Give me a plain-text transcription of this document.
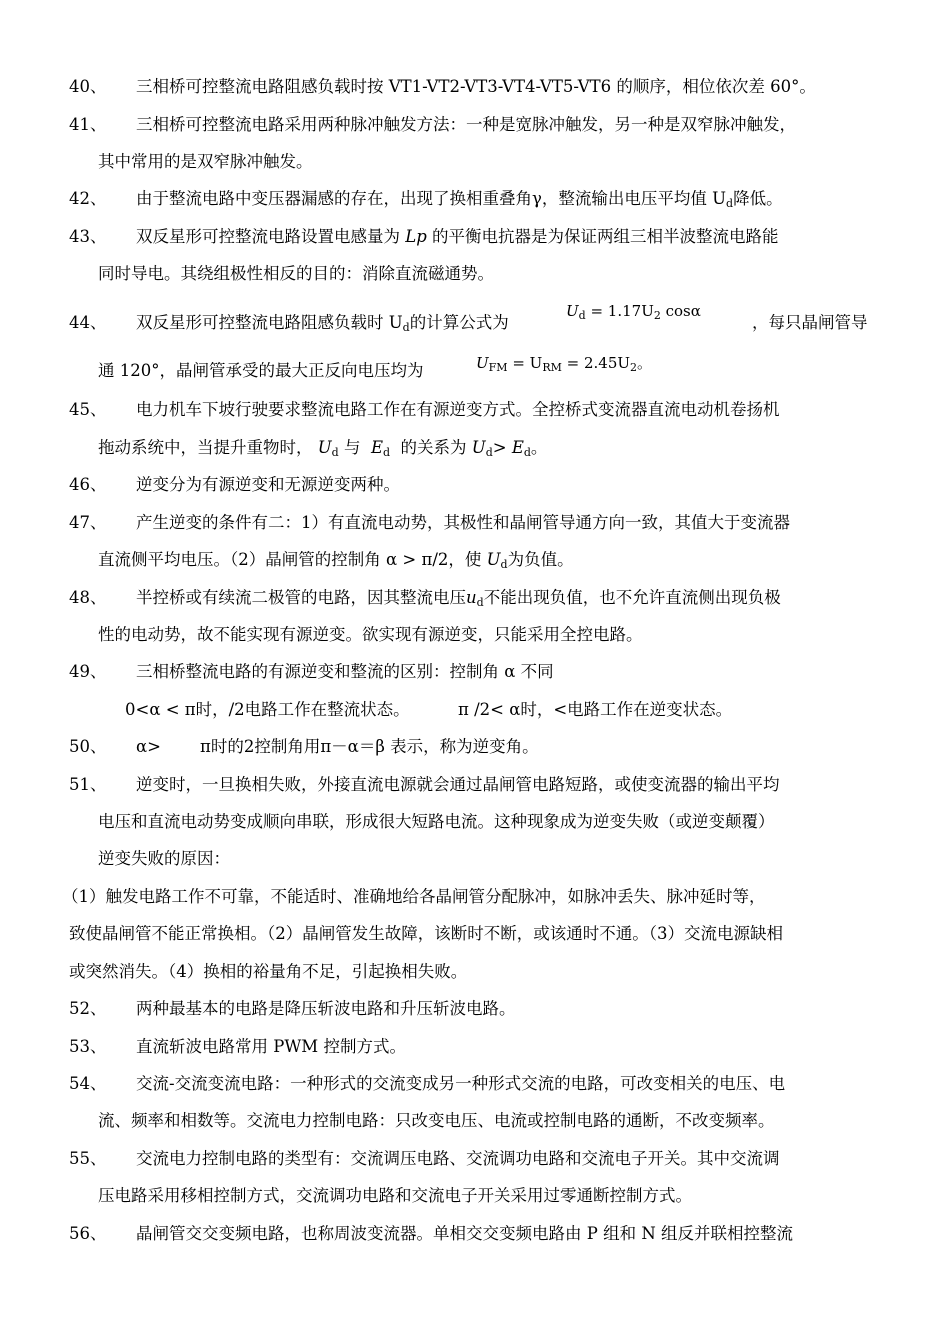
40、	三相桥可控整流电路阻感负载时按 VT1-VT2-VT3-VT4-VT5-VT6 的顺序，相位依次差 60°。
41、	三相桥可控整流电路采用两种脉冲触发方法：一种是宽脉冲触发，另一种是双窄脉冲触发，
其中常用的是双窄脉冲触发。
42、	由于整流电路中变压器漏感的存在，出现了换相重叠角γ，整流输出电压平均值 $U_d$降低。
43、	双反星形可控整流电路设置电感量为 Lp 的平衡电抗器是为保证两组三相半波整流电路能
同时导电。其绕组极性相反的目的：消除直流磁通势。
44、	双反星形可控整流电路阻感负载时 $U_d$的计算公式为
$U_d = 1.17U_2$ cosα
，每只晶闸管导
通 120°，晶闸管承受的最大正反向电压均为	$U_{FM} = U_{RM} = 2.45U_2$。
45、	电力机车下坡行驶要求整流电路工作在有源逆变方式。全控桥式变流器直流电动机卷扬机
拖动系统中，当提升重物时， $U_d$ 与 $E_d$ 的关系为 $U_d> E_d$。
46、	逆变分为有源逆变和无源逆变两种。
47、	产生逆变的条件有二：1）有直流电动势，其极性和晶闸管导通方向一致，其值大于变流器
直流侧平均电压。（2）晶闸管的控制角 α > π/2，使 $U_d$为负值。
48、	半控桥或有续流二极管的电路，因其整流电压$u_d$不能出现负值，也不允许直流侧出现负极
性的电动势，故不能实现有源逆变。欲实现有源逆变，只能采用全控电路。
49、	三相桥整流电路的有源逆变和整流的区别：控制角 α 不同
0<α < π时，/2电路工作在整流状态。	π /2< α时，<电路工作在逆变状态。
50、	α> π时的2控制角用π－α＝β 表示，称为逆变角。
51、	逆变时，一旦换相失败，外接直流电源就会通过晶闸管电路短路，或使变流器的输出平均
电压和直流电动势变成顺向串联，形成很大短路电流。这种现象成为逆变失败（或逆变颠覆）
逆变失败的原因：
（1）触发电路工作不可靠，不能适时、准确地给各晶闸管分配脉冲，如脉冲丢失、脉冲延时等，
致使晶闸管不能正常换相。（2）晶闸管发生故障，该断时不断，或该通时不通。（3）交流电源缺相
或突然消失。（4）换相的裕量角不足，引起换相失败。
52、	两种最基本的电路是降压斩波电路和升压斩波电路。
53、	直流斩波电路常用 PWM 控制方式。
54、	交流-交流变流电路：一种形式的交流变成另一种形式交流的电路，可改变相关的电压、电
流、频率和相数等。交流电力控制电路：只改变电压、电流或控制电路的通断，不改变频率。
55、	交流电力控制电路的类型有：交流调压电路、交流调功电路和交流电子开关。其中交流调
压电路采用移相控制方式，交流调功电路和交流电子开关采用过零通断控制方式。
56、	晶闸管交交变频电路，也称周波变流器。单相交交变频电路由 P 组和 N 组反并联相控整流
